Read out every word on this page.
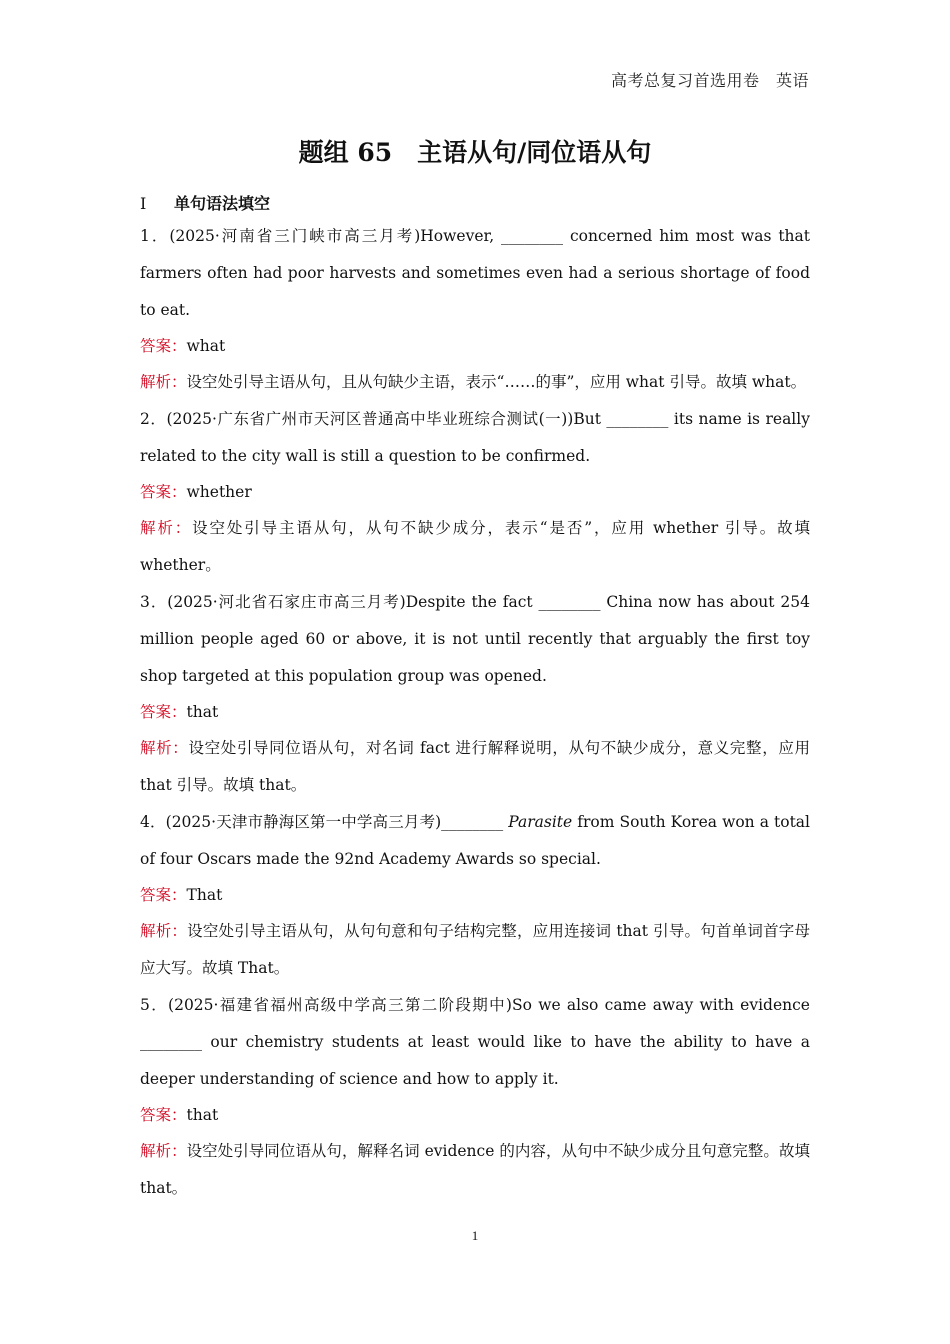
高考总复习首选用卷　英语
题组 65　主语从句/同位语从句
Ⅰ 单句语法填空
1．(2025·河南省三门峡市高三月考)However, ________ concerned him most was that farmers often had poor harvests and sometimes even had a serious shortage of food to eat.
答案：what
解析：设空处引导主语从句，且从句缺少主语，表示“……的事”，应用 what 引导。故填 what。
2．(2025·广东省广州市天河区普通高中毕业班综合测试(一))But ________ its name is really related to the city wall is still a question to be confirmed.
答案：whether
解析：设空处引导主语从句，从句不缺少成分，表示“是否”，应用 whether 引导。故填 whether。
3．(2025·河北省石家庄市高三月考)Despite the fact ________ China now has about 254 million people aged 60 or above, it is not until recently that arguably the first toy shop targeted at this population group was opened.
答案：that
解析：设空处引导同位语从句，对名词 fact 进行解释说明，从句不缺少成分，意义完整，应用 that 引导。故填 that。
4．(2025·天津市静海区第一中学高三月考)________ Parasite from South Korea won a total of four Oscars made the 92nd Academy Awards so special.
答案：That
解析：设空处引导主语从句，从句句意和句子结构完整，应用连接词 that 引导。句首单词首字母应大写。故填 That。
5．(2025·福建省福州高级中学高三第二阶段期中)So we also came away with evidence ________ our chemistry students at least would like to have the ability to have a deeper understanding of science and how to apply it.
答案：that
解析：设空处引导同位语从句，解释名词 evidence 的内容，从句中不缺少成分且句意完整。故填 that。
1
